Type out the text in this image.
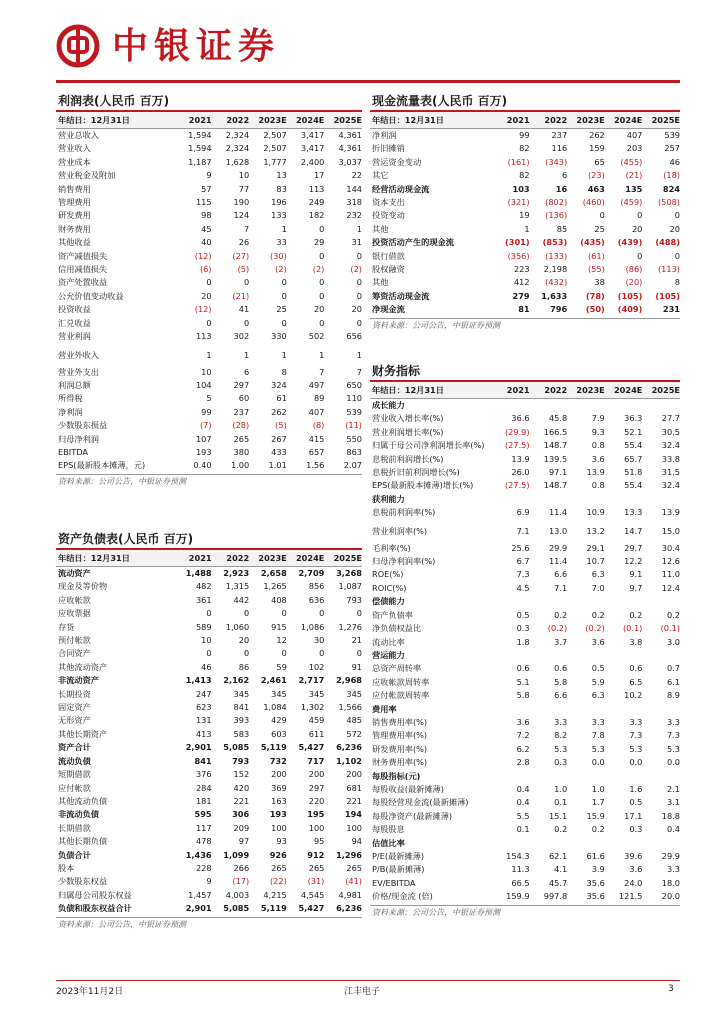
中银证券
利润表(人民币 百万)
年结日：12月31日	2021	2022	2023E	2024E	2025E
营业总收入	1,594	2,324	2,507	3,417	4,361
营业收入	1,594	2,324	2,507	3,417	4,361
营业成本	1,187	1,628	1,777	2,400	3,037
营业税金及附加	9	10	13	17	22
销售费用	57	77	83	113	144
管理费用	115	190	196	249	318
研发费用	98	124	133	182	232
财务费用	45	7	1	0	1
其他收益	40	26	33	29	31
资产减值损失	(12)	(27)	(30)	0	0
信用减值损失	(6)	(5)	(2)	(2)	(2)
资产处置收益	0	0	0	0	0
公允价值变动收益	20	(21)	0	0	0
投资收益	(12)	41	25	20	20
汇兑收益	0	0	0	0	0
营业利润	113	302	330	502	656
营业外收入	1	1	1	1	1
营业外支出	10	6	8	7	7
利润总额	104	297	324	497	650
所得税	5	60	61	89	110
净利润	99	237	262	407	539
少数股东损益	(7)	(28)	(5)	(8)	(11)
归母净利润	107	265	267	415	550
EBITDA	193	380	433	657	863
EPS(最新股本摊薄，元)	0.40	1.00	1.01	1.56	2.07
资料来源：公司公告，中银证券预测
资产负债表(人民币 百万)
年结日：12月31日	2021	2022	2023E	2024E	2025E
流动资产	1,488	2,923	2,658	2,709	3,268
现金及等价物	482	1,315	1,265	856	1,087
应收帐款	361	442	408	636	793
应收票据	0	0	0	0	0
存货	589	1,060	915	1,086	1,276
预付帐款	10	20	12	30	21
合同资产	0	0	0	0	0
其他流动资产	46	86	59	102	91
非流动资产	1,413	2,162	2,461	2,717	2,968
长期投资	247	345	345	345	345
固定资产	623	841	1,084	1,302	1,566
无形资产	131	393	429	459	485
其他长期资产	413	583	603	611	572
资产合计	2,901	5,085	5,119	5,427	6,236
流动负债	841	793	732	717	1,102
短期借款	376	152	200	200	200
应付帐款	284	420	369	297	681
其他流动负债	181	221	163	220	221
非流动负债	595	306	193	195	194
长期借款	117	209	100	100	100
其他长期负债	478	97	93	95	94
负债合计	1,436	1,099	926	912	1,296
股本	228	266	265	265	265
少数股东权益	9	(17)	(22)	(31)	(41)
归属母公司股东权益	1,457	4,003	4,215	4,545	4,981
负债和股东权益合计	2,901	5,085	5,119	5,427	6,236
资料来源：公司公告，中银证券预测
现金流量表(人民币 百万)
年结日：12月31日	2021	2022	2023E	2024E	2025E
净利润	99	237	262	407	539
折旧摊销	82	116	159	203	257
营运资金变动	(161)	(343)	65	(455)	46
其它	82	6	(23)	(21)	(18)
经营活动现金流	103	16	463	135	824
资本支出	(321)	(802)	(460)	(459)	(508)
投资变动	19	(136)	0	0	0
其他	1	85	25	20	20
投资活动产生的现金流	(301)	(853)	(435)	(439)	(488)
银行借款	(356)	(133)	(61)	0	0
股权融资	223	2,198	(55)	(86)	(113)
其他	412	(432)	38	(20)	8
筹资活动现金流	279	1,633	(78)	(105)	(105)
净现金流	81	796	(50)	(409)	231
资料来源：公司公告，中银证券预测
财务指标
年结日：12月31日	2021	2022	2023E	2024E	2025E
成长能力					
营业收入增长率(%)	36.6	45.8	7.9	36.3	27.7
营业利润增长率(%)	(29.9)	166.5	9.3	52.1	30.5
归属于母公司净利润增长率(%)	(27.5)	148.7	0.8	55.4	32.4
息税前利润增长(%)	13.9	139.5	3.6	65.7	33.8
息税折旧前利润增长(%)	26.0	97.1	13.9	51.8	31.5
EPS(最新股本摊薄)增长(%)	(27.5)	148.7	0.8	55.4	32.4
获利能力					
息税前利润率(%)	6.9	11.4	10.9	13.3	13.9
营业利润率(%)	7.1	13.0	13.2	14.7	15.0
毛利率(%)	25.6	29.9	29.1	29.7	30.4
归母净利润率(%)	6.7	11.4	10.7	12.2	12.6
ROE(%)	7.3	6.6	6.3	9.1	11.0
ROIC(%)	4.5	7.1	7.0	9.7	12.4
偿债能力					
资产负债率	0.5	0.2	0.2	0.2	0.2
净负债权益比	0.3	(0.2)	(0.2)	(0.1)	(0.1)
流动比率	1.8	3.7	3.6	3.8	3.0
营运能力					
总资产周转率	0.6	0.6	0.5	0.6	0.7
应收帐款周转率	5.1	5.8	5.9	6.5	6.1
应付帐款周转率	5.8	6.6	6.3	10.2	8.9
费用率					
销售费用率(%)	3.6	3.3	3.3	3.3	3.3
管理费用率(%)	7.2	8.2	7.8	7.3	7.3
研发费用率(%)	6.2	5.3	5.3	5.3	5.3
财务费用率(%)	2.8	0.3	0.0	0.0	0.0
每股指标(元)					
每股收益(最新摊薄)	0.4	1.0	1.0	1.6	2.1
每股经营现金流(最新摊薄)	0.4	0.1	1.7	0.5	3.1
每股净资产(最新摊薄)	5.5	15.1	15.9	17.1	18.8
每股股息	0.1	0.2	0.2	0.3	0.4
估值比率					
P/E(最新摊薄)	154.3	62.1	61.6	39.6	29.9
P/B(最新摊薄)	11.3	4.1	3.9	3.6	3.3
EV/EBITDA	66.5	45.7	35.6	24.0	18.0
价格/现金流 (倍)	159.9	997.8	35.6	121.5	20.0
资料来源：公司公告，中银证券预测
2023年11月2日	江丰电子	3
